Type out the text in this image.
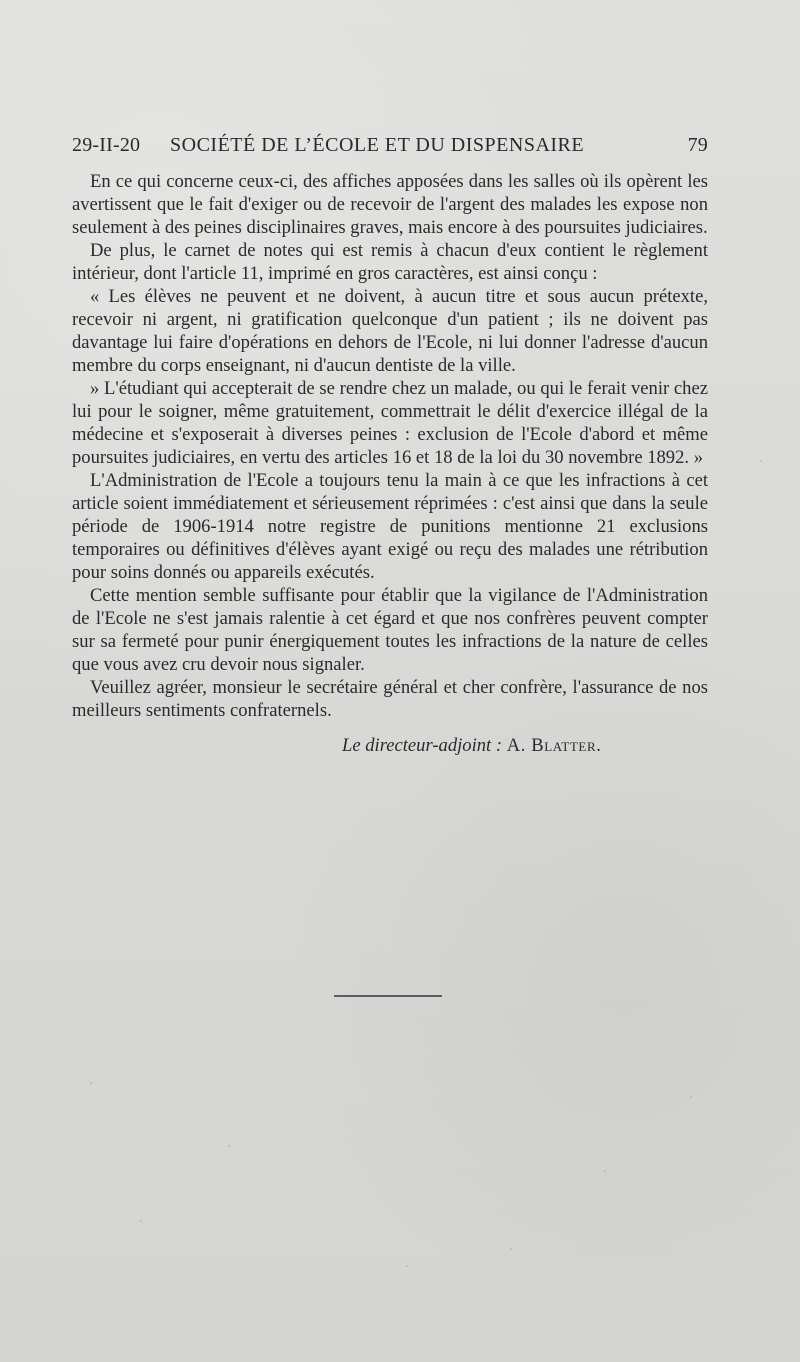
29-II-20	SOCIÉTÉ DE L’ÉCOLE ET DU DISPENSAIRE	79

En ce qui concerne ceux-ci, des affiches apposées dans les salles où ils opèrent les avertissent que le fait d'exiger ou de recevoir de l'argent des malades les expose non seulement à des peines disciplinaires graves, mais encore à des poursuites judiciaires.

De plus, le carnet de notes qui est remis à chacun d'eux contient le règlement intérieur, dont l'article 11, imprimé en gros caractères, est ainsi conçu :

« Les élèves ne peuvent et ne doivent, à aucun titre et sous aucun prétexte, recevoir ni argent, ni gratification quelconque d'un patient ; ils ne doivent pas davantage lui faire d'opérations en dehors de l'Ecole, ni lui donner l'adresse d'aucun membre du corps enseignant, ni d'aucun dentiste de la ville.

» L'étudiant qui accepterait de se rendre chez un malade, ou qui le ferait venir chez lui pour le soigner, même gratuitement, commettrait le délit d'exercice illégal de la médecine et s'exposerait à diverses peines : exclusion de l'Ecole d'abord et même poursuites judiciaires, en vertu des articles 16 et 18 de la loi du 30 novembre 1892. »

L'Administration de l'Ecole a toujours tenu la main à ce que les infractions à cet article soient immédiatement et sérieusement réprimées : c'est ainsi que dans la seule période de 1906-1914 notre registre de punitions mentionne 21 exclusions temporaires ou définitives d'élèves ayant exigé ou reçu des malades une rétribution pour soins donnés ou appareils exécutés.

Cette mention semble suffisante pour établir que la vigilance de l'Administration de l'Ecole ne s'est jamais ralentie à cet égard et que nos confrères peuvent compter sur sa fermeté pour punir énergiquement toutes les infractions de la nature de celles que vous avez cru devoir nous signaler.

Veuillez agréer, monsieur le secrétaire général et cher confrère, l'assurance de nos meilleurs sentiments confraternels.

Le directeur-adjoint : A. Blatter.
